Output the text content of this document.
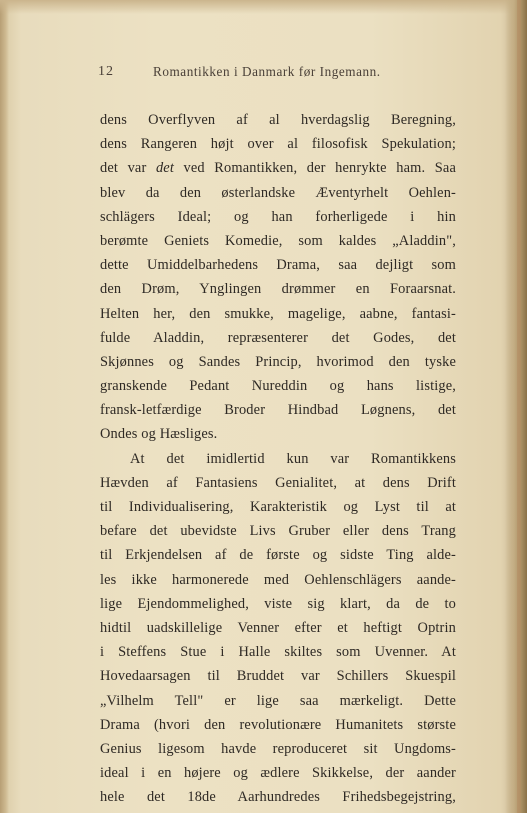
12	Romantikken i Danmark før Ingemann.
dens Overflyven af al hverdagslig Beregning,
dens Rangeren højt over al filosofisk Spekulation;
det var det ved Romantikken, der henrykte ham. Saa
blev da den østerlandske Æventyrhelt Oehlen-
schlägers Ideal; og han forherligede i hin
berømte Geniets Komedie, som kaldes „Aladdin",
dette Umiddelbarhedens Drama, saa dejligt som
den Drøm, Ynglingen drømmer en Foraarsnat.
Helten her, den smukke, magelige, aabne, fantasi-
fulde Aladdin, repræsenterer det Godes, det
Skjønnes og Sandes Princip, hvorimod den tyske
granskende Pedant Nureddin og hans listige,
fransk-letfærdige Broder Hindbad Løgnens, det
Ondes og Hæsliges.
At det imidlertid kun var Romantikkens
Hævden af Fantasiens Genialitet, at dens Drift
til Individualisering, Karakteristik og Lyst til at
befare det ubevidste Livs Gruber eller dens Trang
til Erkjendelsen af de første og sidste Ting alde-
les ikke harmonerede med Oehlenschlägers aande-
lige Ejendommelighed, viste sig klart, da de to
hidtil uadskillelige Venner efter et heftigt Optrin
i Steffens Stue i Halle skiltes som Uvenner. At
Hovedaarsagen til Bruddet var Schillers Skuespil
„Vilhelm Tell" er lige saa mærkeligt. Dette
Drama (hvori den revolutionære Humanitets største
Genius ligesom havde reproduceret sit Ungdoms-
ideal i en højere og ædlere Skikkelse, der aander
hele det 18de Aarhundredes Frihedsbegejstring,
